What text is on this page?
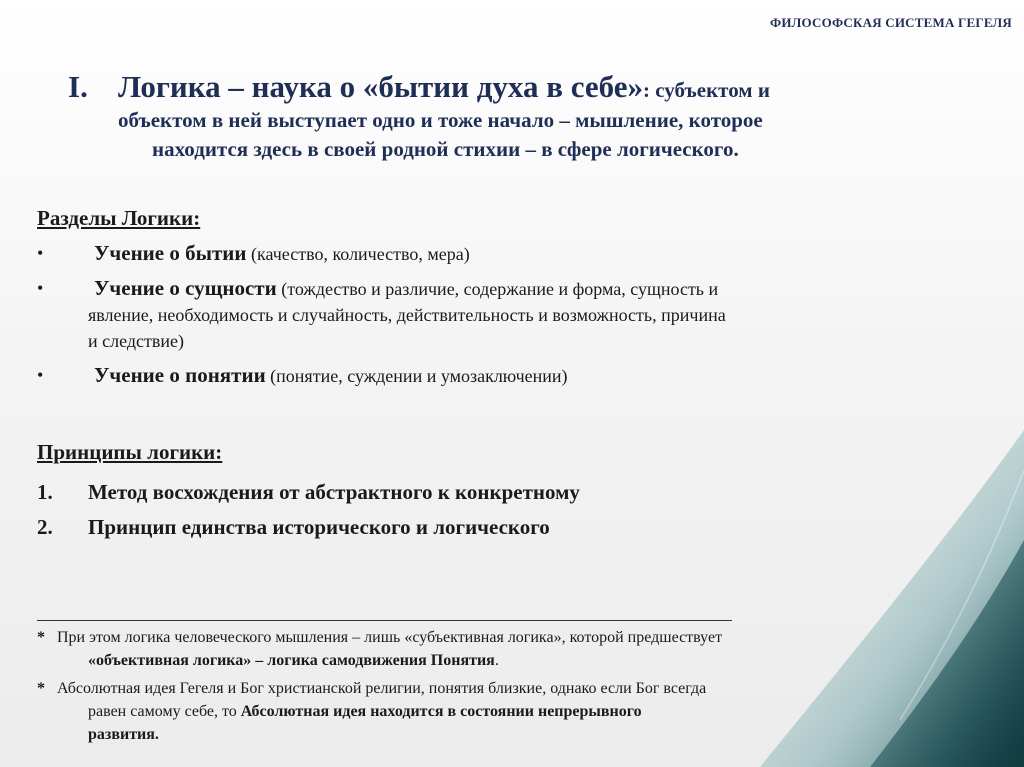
ФИЛОСОФСКАЯ СИСТЕМА ГЕГЕЛЯ
I. Логика – наука о «бытии духа в себе»: субъектом и
объектом в ней выступает одно и тоже начало – мышление, которое
находится здесь в своей родной стихии – в сфере логического.
Разделы Логики:
•	Учение о бытии (качество, количество, мера)
•	Учение о сущности (тождество и различие, содержание и форма, сущность и
явление, необходимость и случайность, действительность и возможность, причина
и следствие)
•	Учение о понятии (понятие, суждении и умозаключении)
Принципы логики:
1. Метод восхождения от абстрактного к конкретному
2. Принцип единства исторического и логического
* При этом логика человеческого мышления – лишь «субъективная логика», которой предшествует
«объективная логика» – логика самодвижения Понятия.
* Абсолютная идея Гегеля и Бог христианской религии, понятия близкие, однако если Бог всегда
равен самому себе, то Абсолютная идея находится в состоянии непрерывного
развития.
